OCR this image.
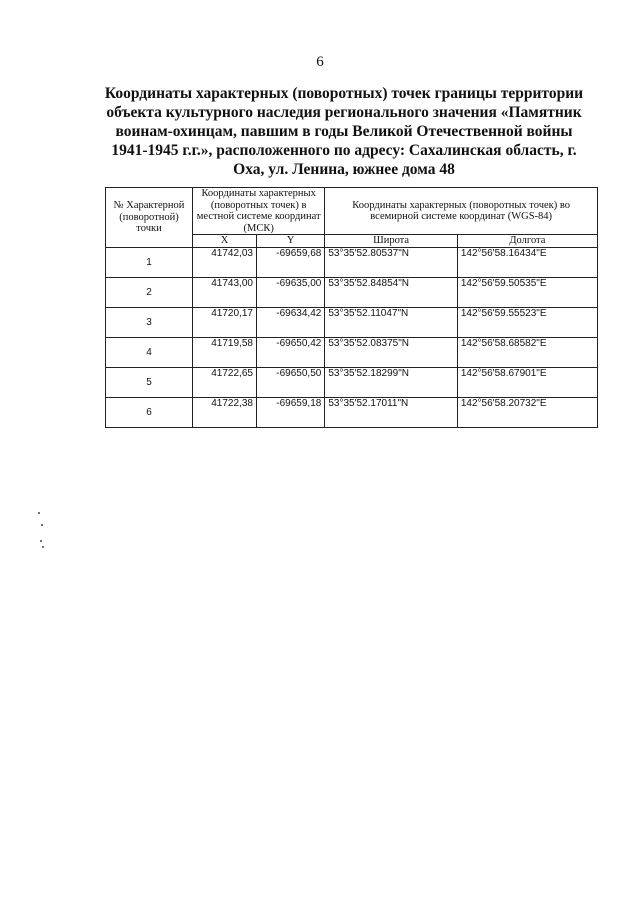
6
Координаты характерных (поворотных) точек границы территории объекта культурного наследия регионального значения «Памятник воинам-охинцам, павшим в годы Великой Отечественной войны 1941-1945 г.г.», расположенного по адресу: Сахалинская область, г. Оха, ул. Ленина, южнее дома 48
№ Характерной (поворотной) точки	Координаты характерных (поворотных точек) в местной системе координат (МСК)		Координаты характерных (поворотных точек) во всемирной системе координат (WGS-84)	
	X	Y	Широта	Долгота
1	41742,03	-69659,68	53°35'52.80537"N	142°56'58.16434"E
2	41743,00	-69635,00	53°35'52.84854"N	142°56'59.50535"E
3	41720,17	-69634,42	53°35'52.11047"N	142°56'59.55523"E
4	41719,58	-69650,42	53°35'52.08375"N	142°56'58.68582"E
5	41722,65	-69650,50	53°35'52.18299"N	142°56'58.67901"E
6	41722,38	-69659,18	53°35'52.17011"N	142°56'58.20732"E
